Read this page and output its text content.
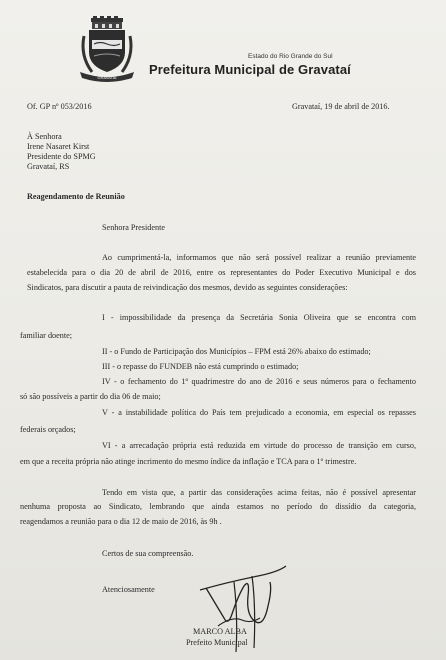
GRAVATAÍ
Estado do Rio Grande do Sul
Prefeitura Municipal de Gravataí
Of. GP nº 053/2016	Gravataí, 19 de abril de 2016.
À Senhora
Irene Nasaret Kirst
Presidente do SPMG
Gravataí, RS
Reagendamento de Reunião
Senhora Presidente
Ao cumprimentá-la, informamos que não será possível realizar a reunião previamente
estabelecida para o dia 20 de abril de 2016, entre os representantes do Poder Executivo Municipal e dos
Sindicatos, para discutir a pauta de reivindicação dos mesmos, devido as seguintes considerações:
I - impossibilidade da presença da Secretária Sonia Oliveira que se encontra com
familiar doente;
II - o Fundo de Participação dos Municípios – FPM está 26% abaixo do estimado;
III - o repasse do FUNDEB não está cumprindo o estimado;
IV - o fechamento do 1º quadrimestre do ano de 2016 e seus números para o fechamento
só são possíveis a partir do dia 06 de maio;
V - a instabilidade política do País tem prejudicado a economia, em especial os repasses
federais orçados;
VI - a arrecadação própria está reduzida em virtude do processo de transição em curso,
em que a receita própria não atinge incrimento do mesmo índice da inflação e TCA para o 1º trimestre.
Tendo em vista que, a partir das considerações acima feitas, não é possível apresentar
nenhuma proposta ao Sindicato, lembrando que ainda estamos no período do dissídio da categoria,
reagendamos a reunião para o dia 12 de maio de 2016, às 9h .
Certos de sua compreensão.
Atenciosamente
MARCO ALBA
Prefeito Municipal
